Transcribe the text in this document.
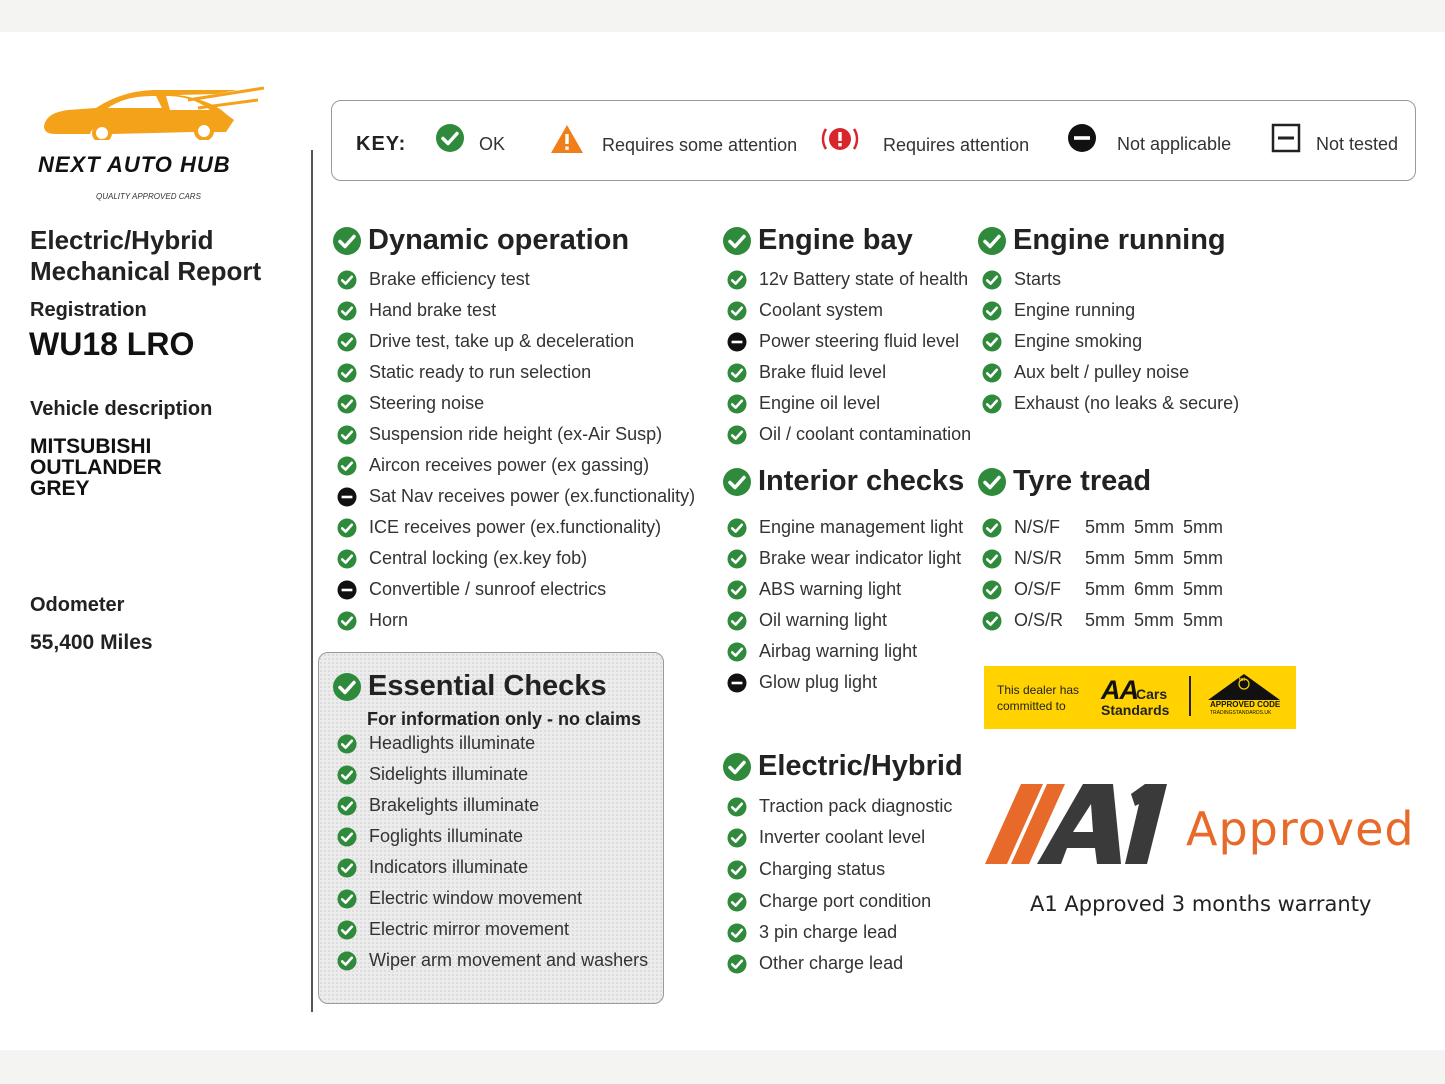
NEXT AUTO HUB
QUALITY APPROVED CARS
Electric/Hybrid
Mechanical Report
Registration
WU18 LRO
Vehicle description
MITSUBISHI
OUTLANDER
GREY
Odometer
55,400 Miles
KEY:	OK	Requires some attention	Requires attention	Not applicable	Not tested
Dynamic operation
Essential Checks
For information only - no claims
Engine bay
Interior checks
Electric/Hybrid
Engine running
Tyre tread
Brake efficiency test
Hand brake test
Drive test, take up & deceleration
Static ready to run selection
Steering noise
Suspension ride height (ex-Air Susp)
Aircon receives power (ex gassing)
Sat Nav receives power (ex.functionality)
ICE receives power (ex.functionality)
Central locking (ex.key fob)
Convertible / sunroof electrics
Horn
Headlights illuminate
Sidelights illuminate
Brakelights illuminate
Foglights illuminate
Indicators illuminate
Electric window movement
Electric mirror movement
Wiper arm movement and washers
12v Battery state of health
Coolant system
Power steering fluid level
Brake fluid level
Engine oil level
Oil / coolant contamination
Engine management light
Brake wear indicator light
ABS warning light
Oil warning light
Airbag warning light
Glow plug light
Traction pack diagnostic
Inverter coolant level
Charging status
Charge port condition
3 pin charge lead
Other charge lead
Starts
Engine running
Engine smoking
Aux belt / pulley noise
Exhaust (no leaks & secure)
N/S/F 5mm 5mm 5mm
N/S/R 5mm 5mm 5mm
O/S/F 5mm 6mm 5mm
O/S/R 5mm 5mm 5mm
This dealer has
committed to
AA
Cars
Standards
tsi
APPROVED CODE
TRADINGSTANDARDS.UK
Approved
A1 Approved 3 months warranty
